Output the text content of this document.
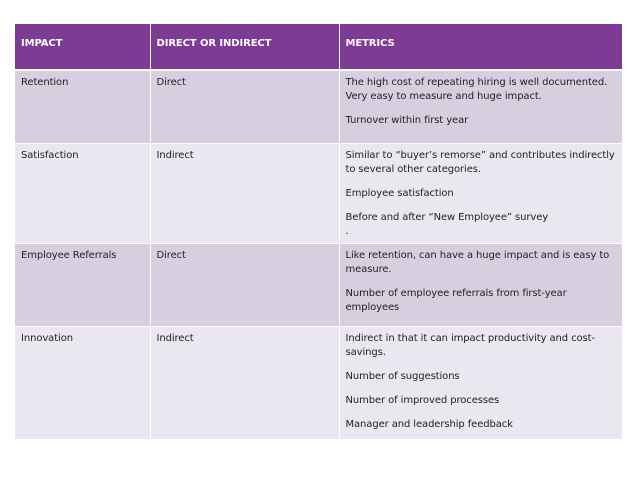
IMPACT	DIRECT OR INDIRECT	METRICS
Retention	Direct	The high cost of repeating hiring is well documented. Very easy to measure and huge impact.
Turnover within first year

Satisfaction	Indirect	Similar to “buyer’s remorse” and contributes indirectly to several other categories.
Employee satisfaction
Before and after “New Employee” survey
.

Employee Referrals	Direct	Like retention, can have a huge impact and is easy to measure.
Number of employee referrals from first-year employees

Innovation	Indirect	Indirect in that it can impact productivity and cost-savings.
Number of suggestions
Number of improved processes
Manager and leadership feedback
